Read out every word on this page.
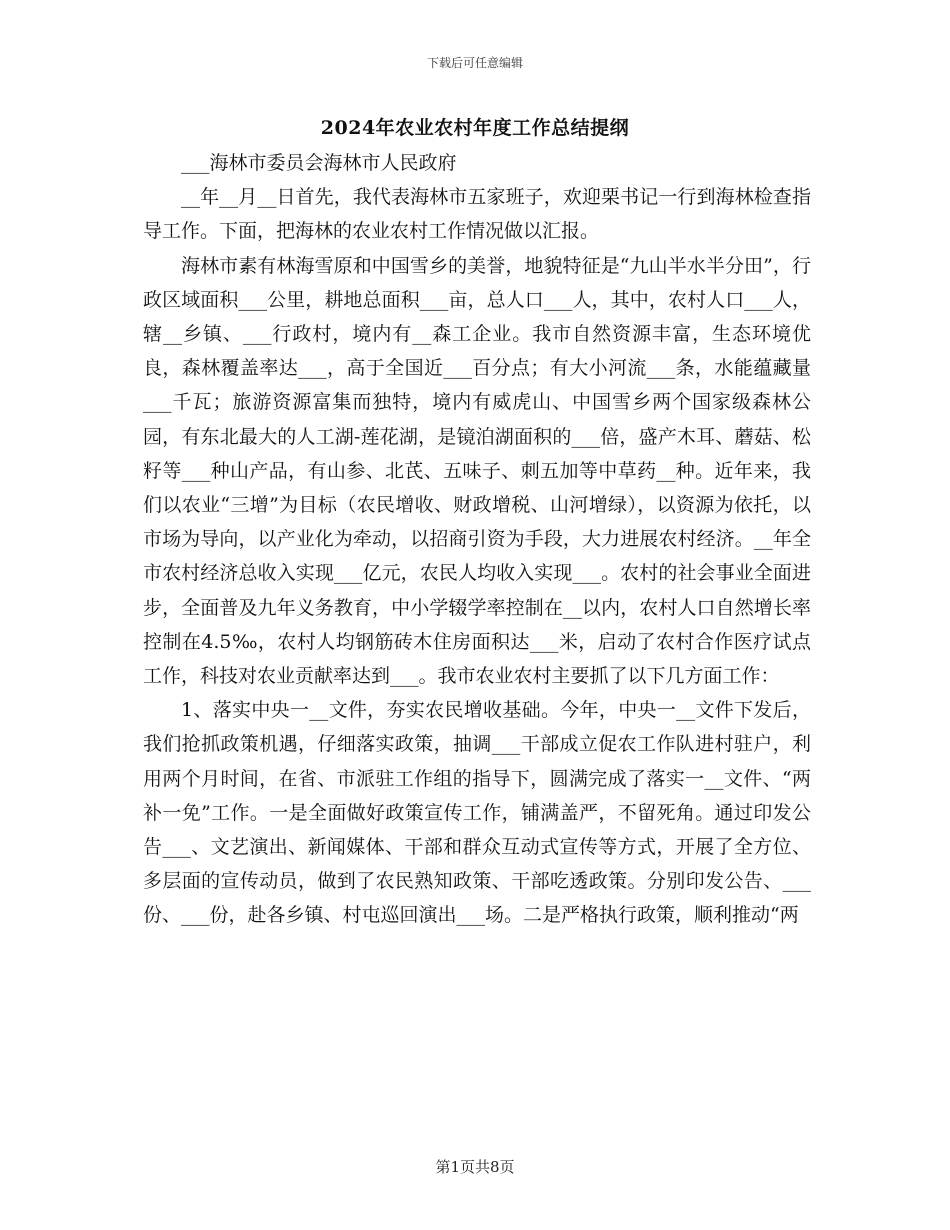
下载后可任意编辑
2024年农业农村年度工作总结提纲

___海林市委员会海林市人民政府

__年__月__日首先，我代表海林市五家班子，欢迎栗书记一行到海林检查指导工作。下面，把海林的农业农村工作情况做以汇报。

海林市素有林海雪原和中国雪乡的美誉，地貌特征是“九山半水半分田”，行政区域面积___公里，耕地总面积___亩，总人口___人，其中，农村人口___人，辖__乡镇、___行政村，境内有__森工企业。我市自然资源丰富，生态环境优良，森林覆盖率达___，高于全国近___百分点；有大小河流___条，水能蕴藏量___千瓦；旅游资源富集而独特，境内有威虎山、中国雪乡两个国家级森林公园，有东北最大的人工湖-莲花湖，是镜泊湖面积的___倍，盛产木耳、蘑菇、松籽等___种山产品，有山参、北芪、五味子、刺五加等中草药__种。近年来，我们以农业“三增”为目标（农民增收、财政增税、山河增绿），以资源为依托，以市场为导向，以产业化为牵动，以招商引资为手段，大力进展农村经济。__年全市农村经济总收入实现___亿元，农民人均收入实现___。农村的社会事业全面进步，全面普及九年义务教育，中小学辍学率控制在__以内，农村人口自然增长率控制在4.5‰，农村人均钢筋砖木住房面积达___米，启动了农村合作医疗试点工作，科技对农业贡献率达到___。我市农业农村主要抓了以下几方面工作：

1、落实中央一__文件，夯实农民增收基础。今年，中央一__文件下发后，我们抢抓政策机遇，仔细落实政策，抽调___干部成立促农工作队进村驻户，利用两个月时间，在省、市派驻工作组的指导下，圆满完成了落实一__文件、“两补一免”工作。一是全面做好政策宣传工作，铺满盖严，不留死角。通过印发公告___、文艺演出、新闻媒体、干部和群众互动式宣传等方式，开展了全方位、多层面的宣传动员，做到了农民熟知政策、干部吃透政策。分别印发公告、___份、___份，赴各乡镇、村屯巡回演出___场。二是严格执行政策，顺利推动“两

第1页共8页
